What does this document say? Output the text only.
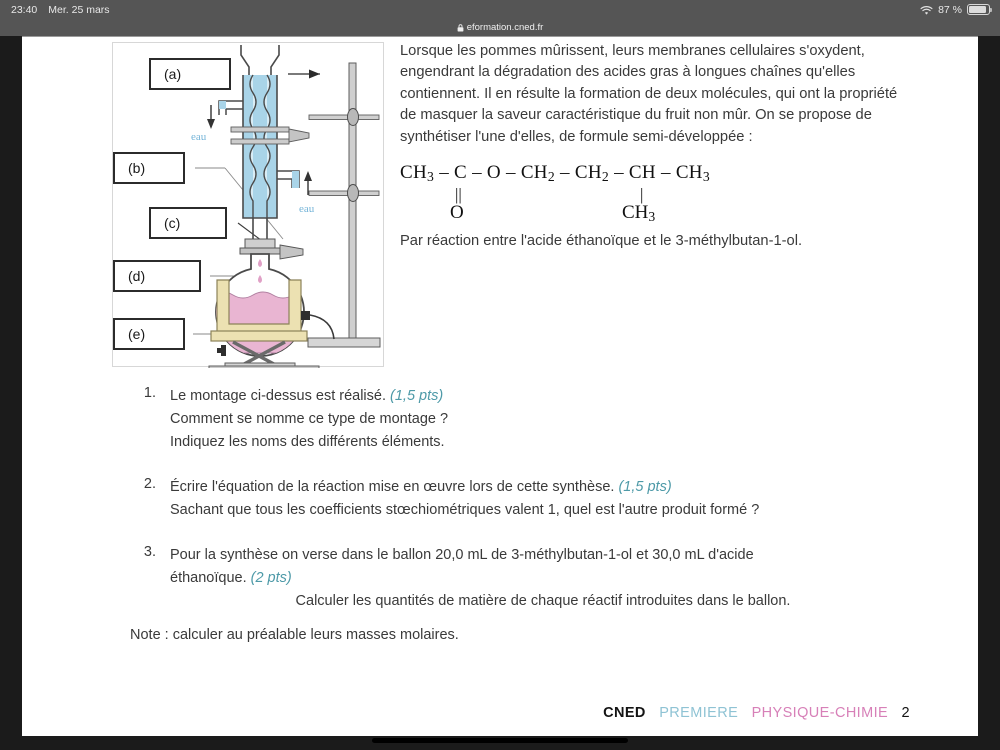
23:40 Mer. 25 mars	87 %
eformation.cned.fr
eau
eau
(a)
(b)
(c)
(d)
(e)
Lorsque les pommes mûrissent, leurs membranes cellulaires s'oxydent, engendrant la dégradation des acides gras à longues chaînes qu'elles contiennent. Il en résulte la formation de deux molécules, qui ont la propriété de masquer la saveur caractéristique du fruit non mûr. On se propose de synthétiser l'une d'elles, de formule semi-développée :
$CH_3$ – C – O – $CH_2 - CH_2$ – CH – $CH_3$
||	|
O	$CH_3$
Par réaction entre l'acide éthanoïque et le 3-méthylbutan-1-ol.
1. Le montage ci-dessus est réalisé. (1,5 pts)
Comment se nomme ce type de montage ?
Indiquez les noms des différents éléments.
2. Écrire l'équation de la réaction mise en œuvre lors de cette synthèse. (1,5 pts)
Sachant que tous les coefficients stœchiométriques valent 1, quel est l'autre produit formé ?
3. Pour la synthèse on verse dans le ballon 20,0 mL de 3-méthylbutan-1-ol et 30,0 mL d'acide
éthanoïque. (2 pts)
Calculer les quantités de matière de chaque réactif introduites dans le ballon.
Note : calculer au préalable leurs masses molaires.
CNED PREMIERE PHYSIQUE-CHIMIE 2
